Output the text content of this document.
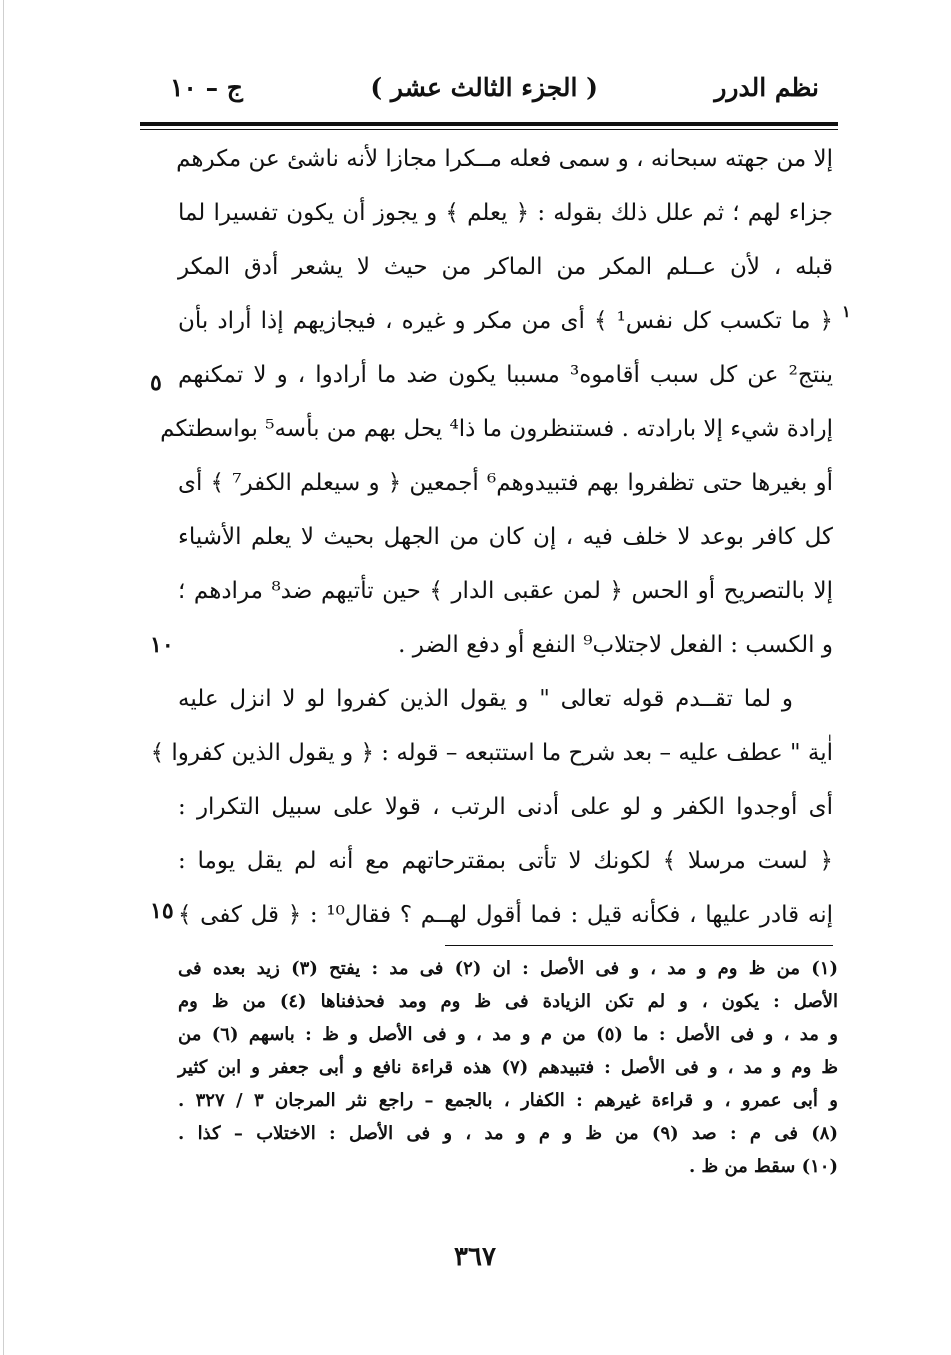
ج – ١٠	( الجزء الثالث عشر )	نظم الدرر
إلا من جهته سبحانه ، و سمى فعله مــكرا مجازا لأنه ناشئ عن مكرهم
جزاء لهم ؛ ثم علل ذلك بقوله : ﴿ يعلم ﴾ و يجوز أن يكون تفسيرا لما
قبله ، لأن عــلم المكر من الماكر من حيث لا يشعر أدق المكر
﴿ ما تكسب كل نفس¹ ﴾ أى من مكر و غيره ، فيجازيهم إذا أراد بأن
ينتج² عن كل سبب أقاموه³ مسببا يكون ضد ما أرادوا ، و لا تمكنهم
إرادة شيء إلا بارادته . فستنظرون ما ذا⁴ يحل بهم من بأسه⁵ بواسطتكم
أو بغيرها حتى تظفروا بهم فتبيدوهم⁶ أجمعين ﴿ و سيعلم الكفر⁷ ﴾ أى
كل كافر بوعد لا خلف فيه ، إن كان من الجهل بحيث لا يعلم الأشياء
إلا بالتصريح أو الحس ﴿ لمن عقبى الدار ﴾ حين تأتيهم ضد⁸ مرادهم ؛
و الكسب : الفعل لاجتلاب⁹ النفع أو دفع الضر .
و لما تقــدم قوله تعالى " و يقول الذين كفروا لو لا انزل عليه
اٰية " عطف عليه – بعد شرح ما استتبعه – قوله : ﴿ و يقول الذين كفروا ﴾
أى أوجدوا الكفر و لو على أدنى الرتب ، قولا على سبيل التكرار :
﴿ لست مرسلا ﴾ لكونك لا تأتى بمقترحاتهم مع أنه لم يقل يوما :
إنه قادر عليها ، فكأنه قيل : فما أقول لهــم ؟ فقال¹⁰ : ﴿ قل كفى ﴾
١
٥
١٠
١٥
(١) من ظ وم و مد ، و فى الأصل : ان (٢) فى مد : يفتح (٣) زيد بعده فى
الأصل : يكون ، و لم تكن الزيادة فى ظ وم ومد فحذفناها (٤) من ظ وم
و مد ، و فى الأصل : ما (٥) من م و مد ، و فى الأصل و ظ : باسهم (٦) من
ظ وم و مد ، و فى الأصل : فتبيدهم (٧) هذه قراءة نافع و أبى جعفر و ابن كثير
و أبى عمرو ، و قراءة غيرهم : الكفار ، بالجمع – راجع نثر المرجان ٣ / ٣٢٧ .
(٨) فى م : صد (٩) من ظ و م و مد ، و فى الأصل : الاختلاب – كذا .
(١٠) سقط من ظ .
٣٦٧
